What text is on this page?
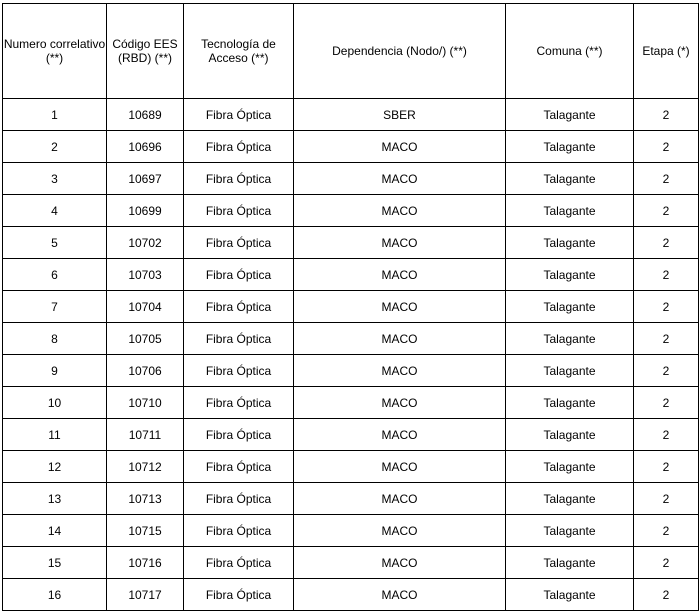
Numero correlativo (**)	Código EES (RBD) (**)	Tecnología de Acceso (**)	Dependencia (Nodo/) (**)	Comuna (**)	Etapa (*)
1	10689	Fibra Óptica	SBER	Talagante	2
2	10696	Fibra Óptica	MACO	Talagante	2
3	10697	Fibra Óptica	MACO	Talagante	2
4	10699	Fibra Óptica	MACO	Talagante	2
5	10702	Fibra Óptica	MACO	Talagante	2
6	10703	Fibra Óptica	MACO	Talagante	2
7	10704	Fibra Óptica	MACO	Talagante	2
8	10705	Fibra Óptica	MACO	Talagante	2
9	10706	Fibra Óptica	MACO	Talagante	2
10	10710	Fibra Óptica	MACO	Talagante	2
11	10711	Fibra Óptica	MACO	Talagante	2
12	10712	Fibra Óptica	MACO	Talagante	2
13	10713	Fibra Óptica	MACO	Talagante	2
14	10715	Fibra Óptica	MACO	Talagante	2
15	10716	Fibra Óptica	MACO	Talagante	2
16	10717	Fibra Óptica	MACO	Talagante	2
